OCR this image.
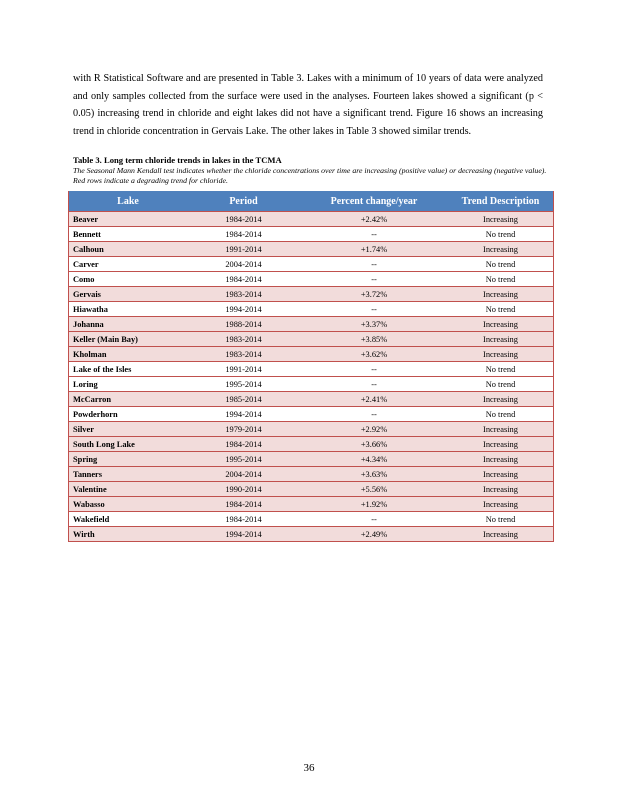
with R Statistical Software and are presented in Table 3. Lakes with a minimum of 10 years of data were analyzed and only samples collected from the surface were used in the analyses. Fourteen lakes showed a significant (p < 0.05) increasing trend in chloride and eight lakes did not have a significant trend. Figure 16 shows an increasing trend in chloride concentration in Gervais Lake. The other lakes in Table 3 showed similar trends.

Table 3. Long term chloride trends in lakes in the TCMA

The Seasonal Mann Kendall test indicates whether the chloride concentrations over time are increasing (positive value) or decreasing (negative value). Red rows indicate a degrading trend for chloride.

Lake	Period	Percent change/year	Trend Description
Beaver	1984-2014	+2.42%	Increasing
Bennett	1984-2014	--	No trend
Calhoun	1991-2014	+1.74%	Increasing
Carver	2004-2014	--	No trend
Como	1984-2014	--	No trend
Gervais	1983-2014	+3.72%	Increasing
Hiawatha	1994-2014	--	No trend
Johanna	1988-2014	+3.37%	Increasing
Keller (Main Bay)	1983-2014	+3.85%	Increasing
Kholman	1983-2014	+3.62%	Increasing
Lake of the Isles	1991-2014	--	No trend
Loring	1995-2014	--	No trend
McCarron	1985-2014	+2.41%	Increasing
Powderhorn	1994-2014	--	No trend
Silver	1979-2014	+2.92%	Increasing
South Long Lake	1984-2014	+3.66%	Increasing
Spring	1995-2014	+4.34%	Increasing
Tanners	2004-2014	+3.63%	Increasing
Valentine	1990-2014	+5.56%	Increasing
Wabasso	1984-2014	+1.92%	Increasing
Wakefield	1984-2014	--	No trend
Wirth	1994-2014	+2.49%	Increasing
36
